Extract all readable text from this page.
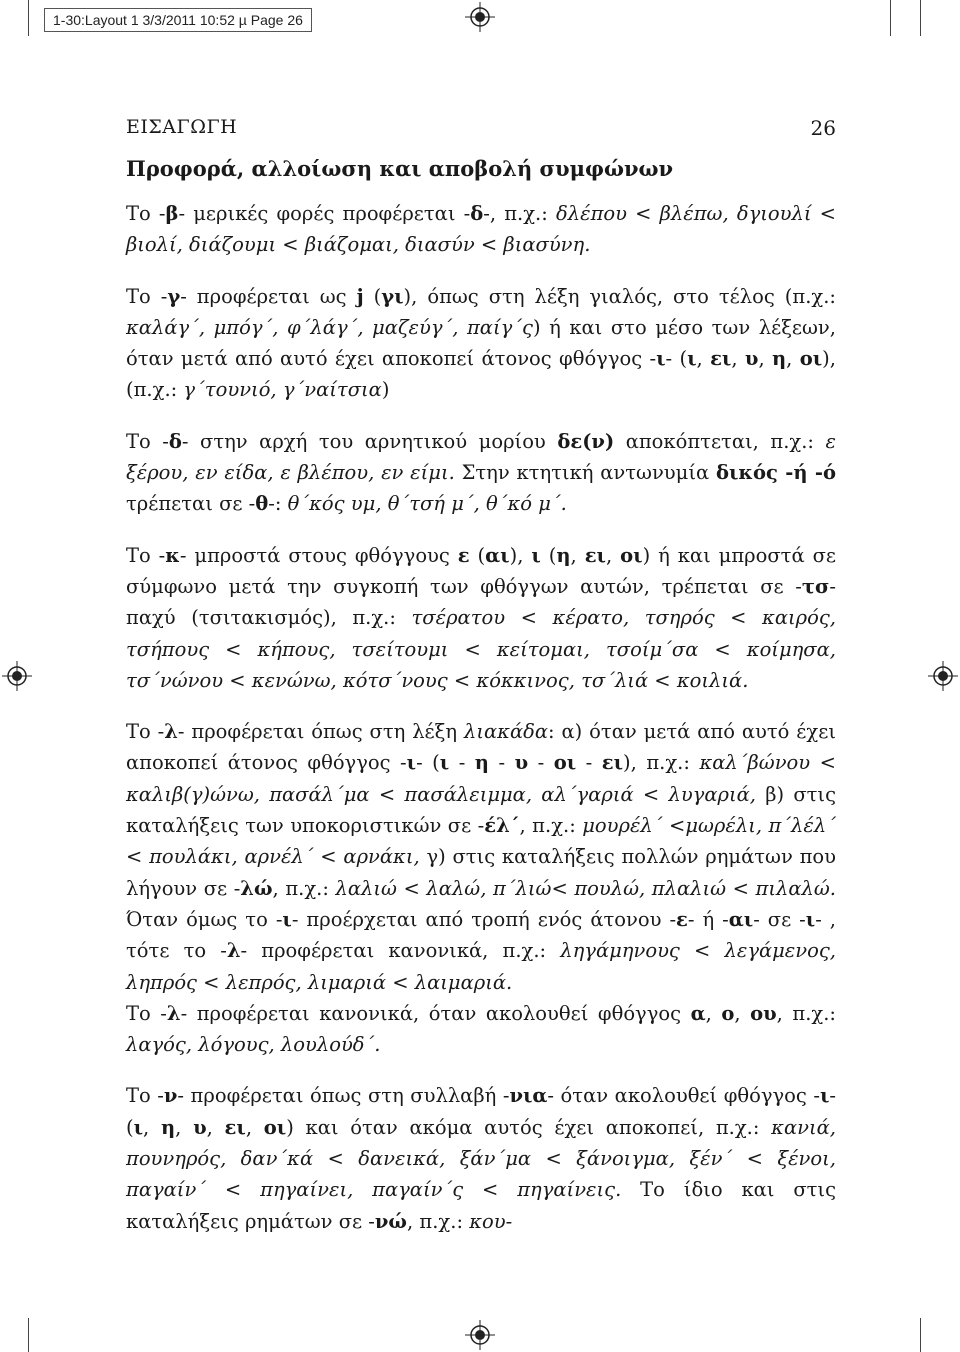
1-30:Layout 1 3/3/2011 10:52 µ Page 26
ΕΙΣΑΓΩΓΗ	26
Προφορά, αλλοίωση και αποβολή συμφώνων

Το -β- μερικές φορές προφέρεται -δ-, π.χ.: δλέπου < βλέπω, δγιουλί < βιολί, διάζουμι < βιάζομαι, διασύν < βιασύνη.

Το -γ- προφέρεται ως j (γι), όπως στη λέξη γιαλός, στο τέλος (π.χ.: καλάγ΄, μπόγ΄, φ΄λάγ΄, μαζεύγ΄, παίγ΄ς) ή και στο μέσο των λέξεων, όταν μετά από αυτό έχει αποκοπεί άτονος φθόγγος -ι- (ι, ει, υ, η, οι), (π.χ.: γ΄τουνιό, γ΄ναίτσια)

Το -δ- στην αρχή του αρνητικού μορίου δε(ν) αποκόπτεται, π.χ.: ε ξέρου, εν είδα, ε βλέπου, εν είμι. Στην κτητική αντωνυμία δικός -ή -ό τρέπεται σε -θ-: θ΄κός υμ, θ΄τσή μ΄, θ΄κό μ΄.

Το -κ- μπροστά στους φθόγγους ε (αι), ι (η, ει, οι) ή και μπροστά σε σύμφωνο μετά την συγκοπή των φθόγγων αυτών, τρέπεται σε -τσ- παχύ (τσιτακισμός), π.χ.: τσέρατου < κέρατο, τσηρός < καιρός, τσήπους < κήπους, τσείτουμι < κείτομαι, τσοίμ΄σα < κοίμησα, τσ΄νώνου < κενώνω, κότσ΄νους < κόκκινος, τσ΄λιά < κοιλιά.

Το -λ- προφέρεται όπως στη λέξη λιακάδα: α) όταν μετά από αυτό έχει αποκοπεί άτονος φθόγγος -ι- (ι - η - υ - οι - ει), π.χ.: καλ΄βώνου < καλιβ(γ)ώνω, πασάλ΄μα < πασάλειμμα, αλ΄γαριά < λυγαριά, β) στις καταλήξεις των υποκοριστικών σε -έλ΄, π.χ.: μουρέλ΄ <μωρέλι, π΄λέλ΄ < πουλάκι, αρνέλ΄ < αρνάκι, γ) στις καταλήξεις πολλών ρημάτων που λήγουν σε -λώ, π.χ.: λαλιώ < λαλώ, π΄λιώ< πουλώ, πλαλιώ < πιλαλώ. Όταν όμως το -ι- προέρχεται από τροπή ενός άτονου -ε- ή -αι- σε -ι- , τότε το -λ- προφέρεται κανονικά, π.χ.: ληγάμηνους < λεγάμενος, ληπρός < λεπρός, λιμαριά < λαιμαριά.

Το -λ- προφέρεται κανονικά, όταν ακολουθεί φθόγγος α, ο, ου, π.χ.: λαγός, λόγους, λουλούδ΄.

Το -ν- προφέρεται όπως στη συλλαβή -νια- όταν ακολουθεί φθόγγος -ι- (ι, η, υ, ει, οι) και όταν ακόμα αυτός έχει αποκοπεί, π.χ.: κανιά, πουνηρός, δαν΄κά < δανεικά, ξάν΄μα < ξάνοιγμα, ξέν΄ < ξένοι, παγαίν΄ < πηγαίνει, παγαίν΄ς < πηγαίνεις. Το ίδιο και στις καταλήξεις ρημάτων σε -νώ, π.χ.: κου-
